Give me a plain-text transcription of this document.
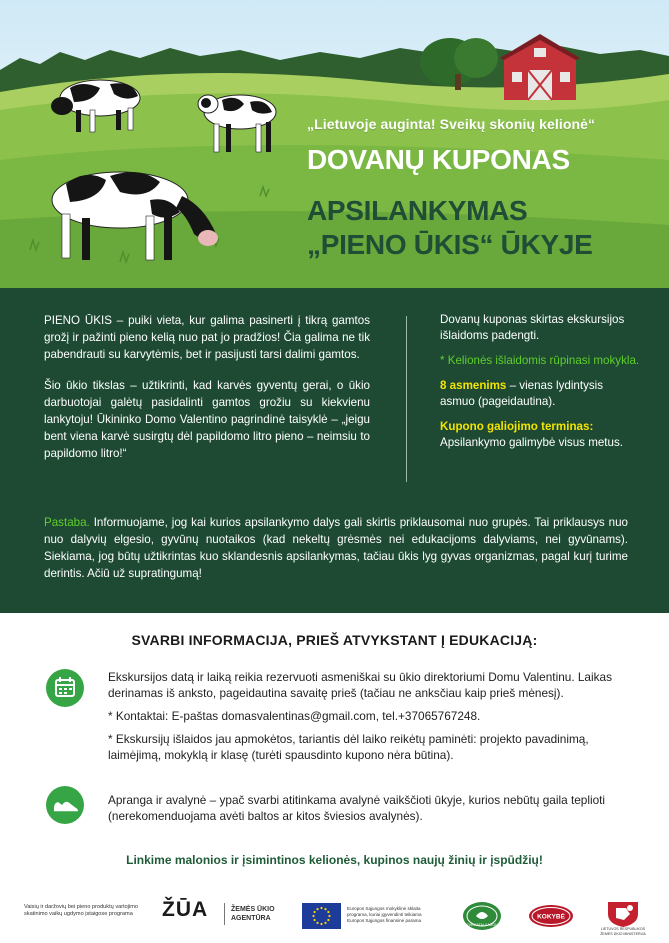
„Lietuvoje auginta! Sveikų skonių kelionė“
DOVANŲ KUPONAS
APSILANKYMAS
„PIENO ŪKIS“ ŪKYJE

PIENO ŪKIS – puiki vieta, kur galima pasinerti į tikrą gamtos grožį ir pažinti pieno kelią nuo pat jo pradžios! Čia galima ne tik pabendrauti su karvytėmis, bet ir pasijusti tarsi dalimi gamtos.

Šio ūkio tikslas – užtikrinti, kad karvės gyventų gerai, o ūkio darbuotojai galėtų pasidalinti gamtos grožiu su kiekvienu lankytoju! Ūkininko Domo Valentino pagrindinė taisyklė – „jeigu bent viena karvė susirgtų dėl papildomo litro pieno – neimsiu to papildomo litro!“

Dovanų kuponas skirtas ekskursijos išlaidoms padengti.

* Kelionės išlaidomis rūpinasi mokykla.

8 asmenims – vienas lydintysis asmuo (pageidautina).

Kupono galiojimo terminas:
Apsilankymo galimybė visus metus.

Pastaba. Informuojame, jog kai kurios apsilankymo dalys gali skirtis priklausomai nuo grupės. Tai priklausys nuo nuo dalyvių elgesio, gyvūnų nuotaikos (kad nekeltų grėsmės nei edukacijoms dalyviams, nei gyvūnams). Siekiama, jog būtų užtikrintas kuo sklandesnis apsilankymas, tačiau ūkis lyg gyvas organizmas, pagal kurį turime derintis. Ačiū už supratingumą!
SVARBI INFORMACIJA, PRIEŠ ATVYKSTANT Į EDUKACIJĄ:

Ekskursijos datą ir laiką reikia rezervuoti asmeniškai su ūkio direktoriumi Domu Valentinu. Laikas derinamas iš anksto, pageidautina savaitę prieš (tačiau ne anksčiau kaip prieš mėnesį).

* Kontaktai: E-paštas domasvalentinas@gmail.com, tel.+37065767248.

* Ekskursijų išlaidos jau apmokėtos, tariantis dėl laiko reikėtų paminėti: projekto pavadinimą, laimėjimą, mokyklą ir klasę (turėti spausdinto kupono nėra būtina).

Apranga ir avalynė – ypač svarbi atitinkama avalynė vaikščioti ūkyje, kurios nebūtų gaila teplioti (nerekomenduojama avėti baltos ar kitos šviesios avalynės).

Linkime malonios ir įsimintinos kelionės, kupinos naujų žinių ir įspūdžių!
Vaisių ir daržovių bei pieno produktų vartojimo skatinimo vaikų ugdymo įstaigose programa	ŽŪA	ŽEMĖS ŪKIO
AGENTŪRA
Europos Sąjungos mokyklinė sklaita programa, kuriai įgyvendinti teikiama Europos Sąjungos finansinė parama
SVEIKATAI SAUGU
KOKYBĖ
LIETUVOS RESPUBLIKOS ŽEMĖS ŪKIO MINISTERIJA
